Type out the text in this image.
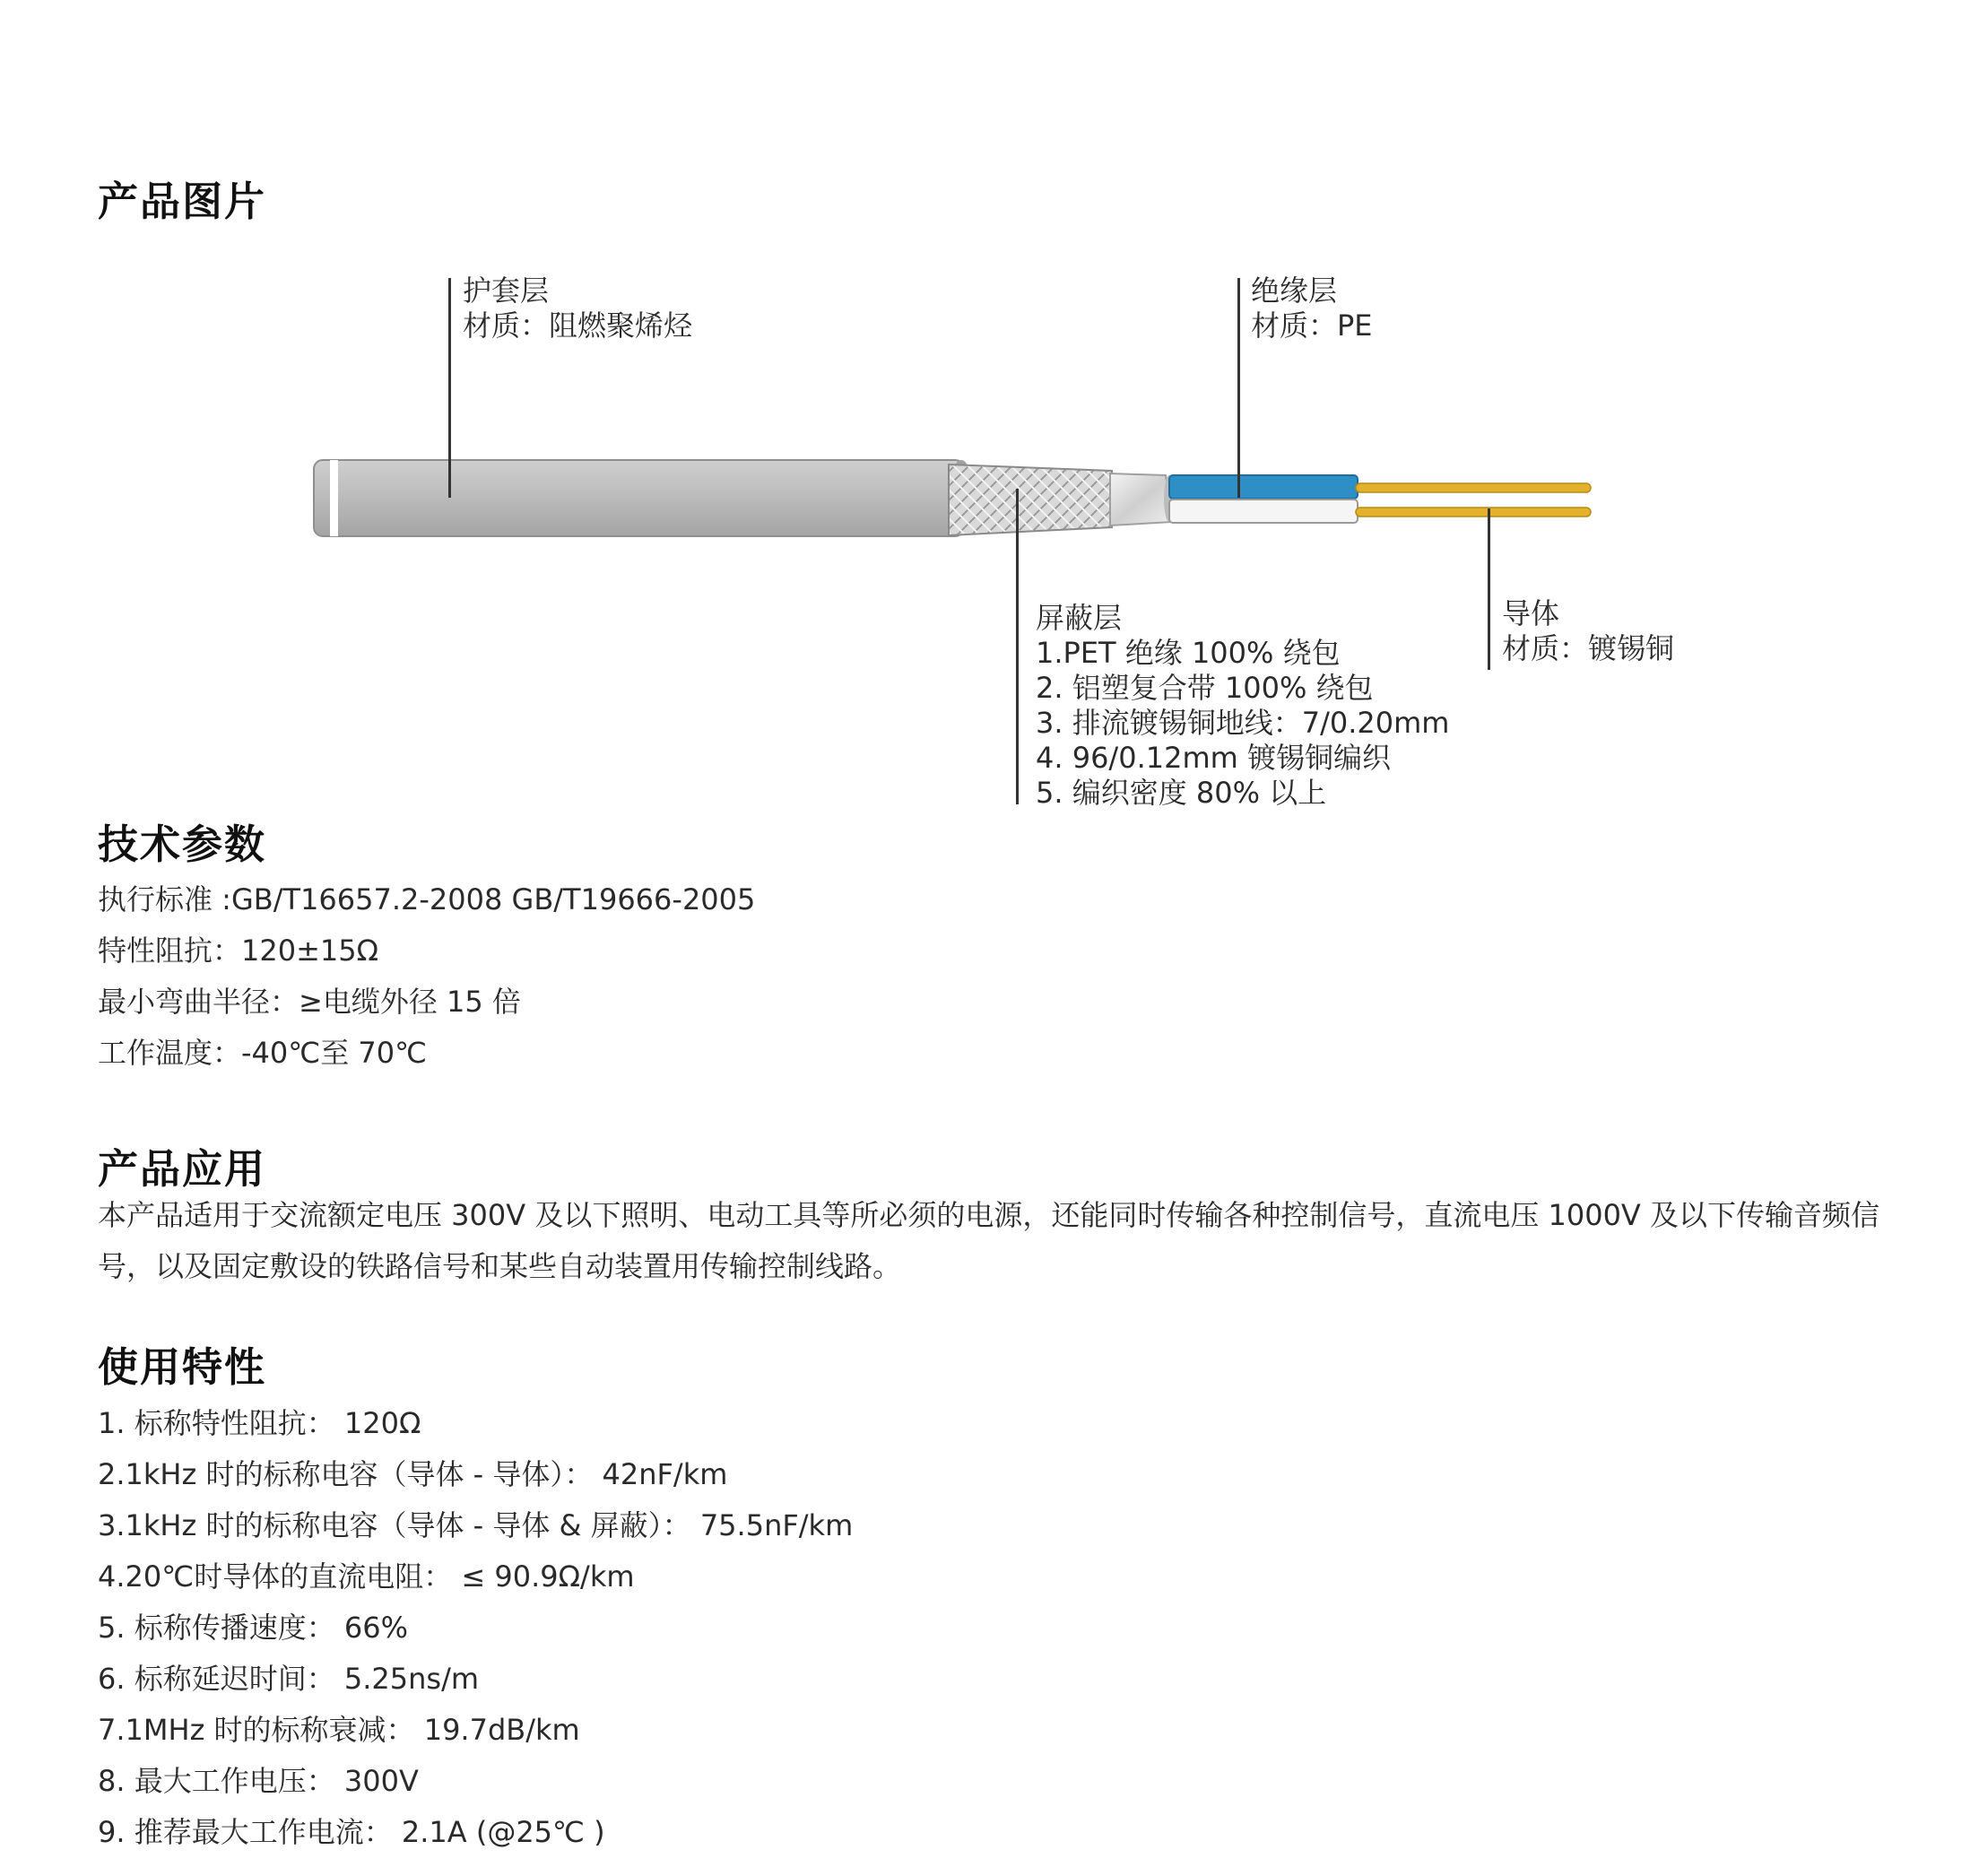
产品图片
护套层
材质：阻燃聚烯烃
绝缘层
材质：PE
屏蔽层
1.PET 绝缘 100% 绕包
2. 铝塑复合带 100% 绕包
3. 排流镀锡铜地线：7/0.20mm
4. 96/0.12mm 镀锡铜编织
5. 编织密度 80% 以上
导体
材质：镀锡铜
技术参数

执行标准 :GB/T16657.2-2008 GB/T19666-2005

特性阻抗：120±15Ω

最小弯曲半径：≥电缆外径 15 倍

工作温度：-40℃至 70℃

产品应用

本产品适用于交流额定电压 300V 及以下照明、电动工具等所必须的电源，还能同时传输各种控制信号，直流电压 1000V 及以下传输音频信号，以及固定敷设的铁路信号和某些自动装置用传输控制线路。

使用特性

1. 标称特性阻抗： 120Ω

2.1kHz 时的标称电容（导体 - 导体）： 42nF/km

3.1kHz 时的标称电容（导体 - 导体 & 屏蔽）： 75.5nF/km

4.20℃时导体的直流电阻： ≤ 90.9Ω/km

5. 标称传播速度： 66%

6. 标称延迟时间： 5.25ns/m

7.1MHz 时的标称衰减： 19.7dB/km

8. 最大工作电压： 300V

9. 推荐最大工作电流： 2.1A (@25℃ )
